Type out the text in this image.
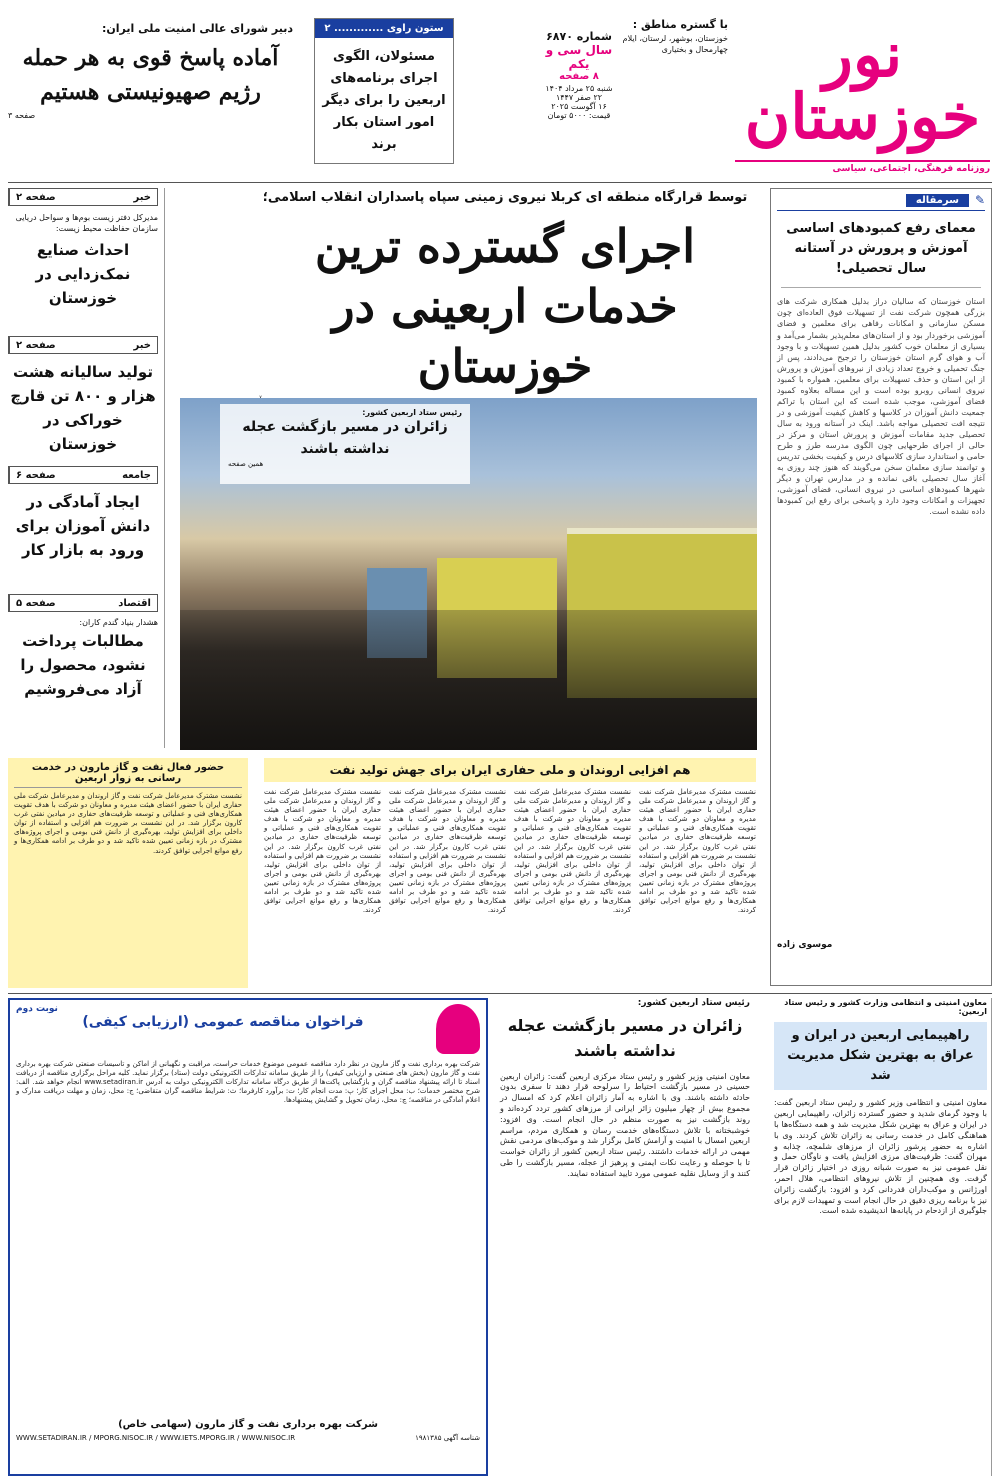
نور خوزستان
روزنامه فرهنگی، اجتماعی، سیاسی
با گستره مناطق :
خوزستان، بوشهر، لرستان، ایلام چهارمحال و بختیاری
شماره ۶۸۷۰
سال سی و یکم
۸ صفحه
شنبه ۲۵ مرداد ۱۴۰۴
۲۲ صفر ۱۴۴۷
۱۶ آگوست ۲۰۲۵
قیمت: ۵۰۰۰ تومان
ستون راوی ............. ۲
مسئولان، الگوی اجرای برنامه‌های اربعین را برای دیگر امور استان بکار برند
دبیر شورای عالی امنیت ملی ایران:
آماده پاسخ قوی به هر حمله رژیم صهیونیستی هستیم
صفحه ۳
✎
سرمقاله
معمای رفع کمبودهای اساسی آموزش و پرورش در آستانه سال تحصیلی!
استان خوزستان که سالیان دراز بدلیل همکاری شرکت های بزرگی همچون شرکت نفت از تسهیلات فوق العاده‌ای چون مسکن سازمانی و امکانات رفاهی برای معلمین و فضای آموزشی برخوردار بود و از استان‌های معلم‌پذیر بشمار می‌آمد و بسیاری از معلمان خوب کشور بدلیل همین تسهیلات و با وجود آب و هوای گرم استان خوزستان را ترجیح می‌دادند، پس از جنگ تحمیلی و خروج تعداد زیادی از نیروهای آموزش و پرورش از این استان و حذف تسهیلات برای معلمین، همواره با کمبود نیروی انسانی روبرو بوده است و این مساله بعلاوه کمبود فضای آموزشی، موجب شده است که این استان با تراکم جمعیت دانش آموزان در کلاسها و کاهش کیفیت آموزشی و در نتیجه افت تحصیلی مواجه باشد. اینک در آستانه ورود به سال تحصیلی جدید مقامات آموزش و پرورش استان و مرکز در حالی از اجرای طرحهایی چون الگوی مدرسه طرز و طرح حامی و استاندارد سازی کلاسهای درس و کیفیت بخشی تدریس و توانمند سازی معلمان سخن می‌گویند که هنوز چند روزی به آغاز سال تحصیلی باقی نمانده و در مدارس تهران و دیگر شهرها کمبودهای اساسی در نیروی انسانی، فضای آموزشی، تجهیزات و امکانات وجود دارد و پاسخی برای رفع این کمبودها داده نشده است.
موسوی زاده
توسط قرارگاه منطقه ای کربلا نیروی زمینی سپاه پاسداران انقلاب اسلامی؛
اجرای گسترده ترین
خدمات اربعینی در خوزستان
رئیس ستاد اربعین کشور:
زائران در مسیر بازگشت عجله نداشته باشند
همین صفحه
خبر
صفحه ۲
مدیرکل دفتر زیست بوم‌ها و سواحل دریایی سازمان حفاظت محیط زیست:
احداث صنایع نمک‌زدایی در خوزستان
خبر
صفحه ۲
تولید سالیانه هشت هزار و ۸۰۰ تن قارچ خوراکی در خوزستان
جامعه
صفحه ۶
ایجاد آمادگی در دانش آموزان برای ورود به بازار کار
اقتصاد
صفحه ۵
هشدار بنیاد گندم کاران:
مطالبات پرداخت نشود، محصول را آزاد می‌فروشیم
حضور فعال نفت و گاز مارون در خدمت رسانی به زوار اربعین
نشست مشترک مدیرعامل شرکت نفت و گاز اروندان و مدیرعامل شرکت ملی حفاری ایران با حضور اعضای هیئت مدیره و معاونان دو شرکت با هدف تقویت همکاری‌های فنی و عملیاتی و توسعه ظرفیت‌های حفاری در میادین نفتی غرب کارون برگزار شد. در این نشست بر ضرورت هم افزایی و استفاده از توان داخلی برای افزایش تولید، بهره‌گیری از دانش فنی بومی و اجرای پروژه‌های مشترک در بازه زمانی تعیین شده تاکید شد و دو طرف بر ادامه همکاری‌ها و رفع موانع اجرایی توافق کردند.
هم افزایی اروندان و ملی حفاری ایران برای جهش تولید نفت
نشست مشترک مدیرعامل شرکت نفت و گاز اروندان و مدیرعامل شرکت ملی حفاری ایران با حضور اعضای هیئت مدیره و معاونان دو شرکت با هدف تقویت همکاری‌های فنی و عملیاتی و توسعه ظرفیت‌های حفاری در میادین نفتی غرب کارون برگزار شد. در این نشست بر ضرورت هم افزایی و استفاده از توان داخلی برای افزایش تولید، بهره‌گیری از دانش فنی بومی و اجرای پروژه‌های مشترک در بازه زمانی تعیین شده تاکید شد و دو طرف بر ادامه همکاری‌ها و رفع موانع اجرایی توافق کردند.
نشست مشترک مدیرعامل شرکت نفت و گاز اروندان و مدیرعامل شرکت ملی حفاری ایران با حضور اعضای هیئت مدیره و معاونان دو شرکت با هدف تقویت همکاری‌های فنی و عملیاتی و توسعه ظرفیت‌های حفاری در میادین نفتی غرب کارون برگزار شد. در این نشست بر ضرورت هم افزایی و استفاده از توان داخلی برای افزایش تولید، بهره‌گیری از دانش فنی بومی و اجرای پروژه‌های مشترک در بازه زمانی تعیین شده تاکید شد و دو طرف بر ادامه همکاری‌ها و رفع موانع اجرایی توافق کردند.
نشست مشترک مدیرعامل شرکت نفت و گاز اروندان و مدیرعامل شرکت ملی حفاری ایران با حضور اعضای هیئت مدیره و معاونان دو شرکت با هدف تقویت همکاری‌های فنی و عملیاتی و توسعه ظرفیت‌های حفاری در میادین نفتی غرب کارون برگزار شد. در این نشست بر ضرورت هم افزایی و استفاده از توان داخلی برای افزایش تولید، بهره‌گیری از دانش فنی بومی و اجرای پروژه‌های مشترک در بازه زمانی تعیین شده تاکید شد و دو طرف بر ادامه همکاری‌ها و رفع موانع اجرایی توافق کردند.
نشست مشترک مدیرعامل شرکت نفت و گاز اروندان و مدیرعامل شرکت ملی حفاری ایران با حضور اعضای هیئت مدیره و معاونان دو شرکت با هدف تقویت همکاری‌های فنی و عملیاتی و توسعه ظرفیت‌های حفاری در میادین نفتی غرب کارون برگزار شد. در این نشست بر ضرورت هم افزایی و استفاده از توان داخلی برای افزایش تولید، بهره‌گیری از دانش فنی بومی و اجرای پروژه‌های مشترک در بازه زمانی تعیین شده تاکید شد و دو طرف بر ادامه همکاری‌ها و رفع موانع اجرایی توافق کردند.
نوبت دوم
فراخوان مناقصه عمومی (ارزیابی کیفی)
شرکت بهره برداری نفت و گاز مارون در نظر دارد مناقصه عمومی موضوع خدمات حراست، مراقبت و نگهبانی از اماکن و تاسیسات صنعتی شرکت بهره برداری نفت و گاز مارون (بخش های صنعتی و ارزیابی کیفی) را از طریق سامانه تدارکات الکترونیکی دولت (ستاد) برگزار نماید. کلیه مراحل برگزاری مناقصه از دریافت اسناد تا ارائه پیشنهاد مناقصه گران و بازگشایی پاکت‌ها از طریق درگاه سامانه تدارکات الکترونیکی دولت به آدرس www.setadiran.ir انجام خواهد شد. الف: شرح مختصر خدمات؛ ب: محل اجرای کار؛ پ: مدت انجام کار؛ ت: برآورد کارفرما؛ ث: شرایط مناقصه گران متقاضی؛ ج: محل، زمان و مهلت دریافت مدارک و اعلام آمادگی در مناقصه؛ چ: محل، زمان تحویل و گشایش پیشنهادها.
شرکت بهره برداری نفت و گاز مارون (سهامی خاص)
شناسه آگهی ۱۹۸۱۳۸۵
WWW.SETADIRAN.IR / MPORG.NISOC.IR / WWW.IETS.MPORG.IR / WWW.NISOC.IR
رئیس ستاد اربعین کشور:
زائران در مسیر بازگشت عجله نداشته باشند
معاون امنیتی وزیر کشور و رئیس ستاد مرکزی اربعین گفت: زائران اربعین حسینی در مسیر بازگشت احتیاط را سرلوحه قرار دهند تا سفری بدون حادثه داشته باشند. وی با اشاره به آمار زائران اعلام کرد که امسال در مجموع بیش از چهار میلیون زائر ایرانی از مرزهای کشور تردد کرده‌اند و روند بازگشت نیز به صورت منظم در حال انجام است. وی افزود: خوشبختانه با تلاش دستگاه‌های خدمت رسان و همکاری مردم، مراسم اربعین امسال با امنیت و آرامش کامل برگزار شد و موکب‌های مردمی نقش مهمی در ارائه خدمات داشتند. رئیس ستاد اربعین کشور از زائران خواست تا با حوصله و رعایت نکات ایمنی و پرهیز از عجله، مسیر بازگشت را طی کنند و از وسایل نقلیه عمومی مورد تایید استفاده نمایند.
معاون امنیتی و انتظامی وزارت کشور و رئیس ستاد اربعین:
راهپیمایی اربعین در ایران و عراق به بهترین شکل مدیریت شد
معاون امنیتی و انتظامی وزیر کشور و رئیس ستاد اربعین گفت: با وجود گرمای شدید و حضور گسترده زائران، راهپیمایی اربعین در ایران و عراق به بهترین شکل مدیریت شد و همه دستگاه‌ها با هماهنگی کامل در خدمت رسانی به زائران تلاش کردند. وی با اشاره به حضور پرشور زائران از مرزهای شلمچه، چذابه و مهران گفت: ظرفیت‌های مرزی افزایش یافت و ناوگان حمل و نقل عمومی نیز به صورت شبانه روزی در اختیار زائران قرار گرفت. وی همچنین از تلاش نیروهای انتظامی، هلال احمر، اورژانس و موکب‌داران قدردانی کرد و افزود: بازگشت زائران نیز با برنامه ریزی دقیق در حال انجام است و تمهیدات لازم برای جلوگیری از ازدحام در پایانه‌ها اندیشیده شده است.
